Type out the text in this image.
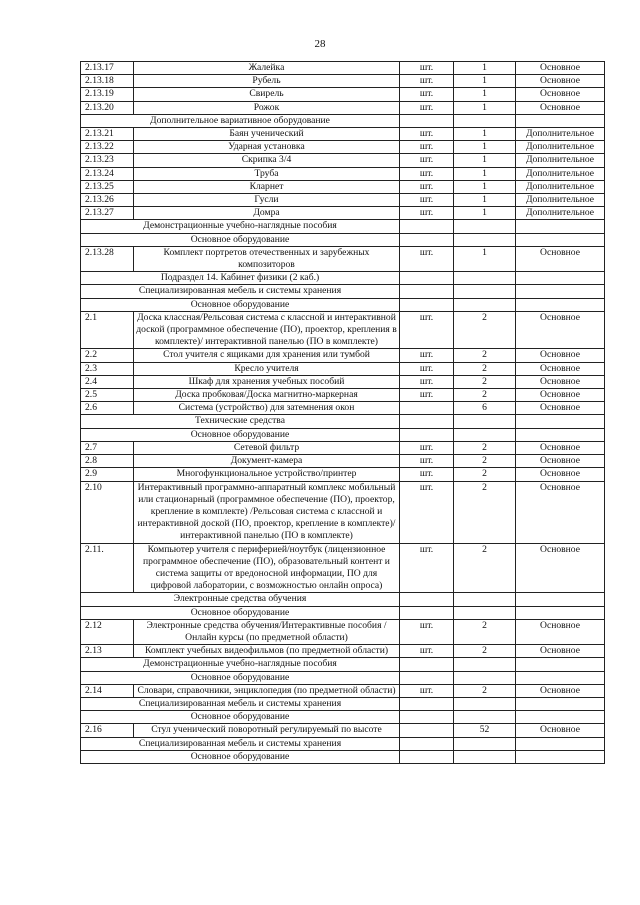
28
2.13.17	Жалейка	шт.	1	Основное
2.13.18	Рубель	шт.	1	Основное
2.13.19	Свирель	шт.	1	Основное
2.13.20	Рожок	шт.	1	Основное
Дополнительное вариативное оборудование				
2.13.21	Баян ученический	шт.	1	Дополнительное
2.13.22	Ударная установка	шт.	1	Дополнительное
2.13.23	Скрипка 3/4	шт.	1	Дополнительное
2.13.24	Труба	шт.	1	Дополнительное
2.13.25	Кларнет	шт.	1	Дополнительное
2.13.26	Гусли	шт.	1	Дополнительное
2.13.27	Домра	шт.	1	Дополнительное
Демонстрационные учебно-наглядные пособия				
Основное оборудование				
2.13.28	Комплект портретов отечественных и зарубежных композиторов	шт.	1	Основное
Подраздел 14. Кабинет физики (2 каб.)				
Специализированная мебель и системы хранения				
Основное оборудование				
2.1	Доска классная/Рельсовая система с классной и интерактивной доской (программное обеспечение (ПО), проектор, крепления в комплекте)/ интерактивной панелью (ПО в комплекте)	шт.	2	Основное
2.2	Стол учителя с ящиками для хранения или тумбой	шт.	2	Основное
2.3	Кресло учителя	шт.	2	Основное
2.4	Шкаф для хранения учебных пособий	шт.	2	Основное
2.5	Доска пробковая/Доска магнитно-маркерная	шт.	2	Основное
2.6	Система (устройство) для затемнения окон		6	Основное
Технические средства				
Основное оборудование				
2.7	Сетевой фильтр	шт.	2	Основное
2.8	Документ-камера	шт.	2	Основное
2.9	Многофункциональное устройство/принтер	шт.	2	Основное
2.10	Интерактивный программно-аппаратный комплекс мобильный или стационарный (программное обеспечение (ПО), проектор, крепление в комплекте) /Рельсовая система с классной и интерактивной доской (ПО, проектор, крепление в комплекте)/ интерактивной панелью (ПО в комплекте)	шт.	2	Основное
2.11.	Компьютер учителя с периферией/ноутбук (лицензионное программное обеспечение (ПО), образовательный контент и система защиты от вредоносной информации, ПО для цифровой лаборатории, с возможностью онлайн опроса)	шт.	2	Основное
Электронные средства обучения				
Основное оборудование				
2.12	Электронные средства обучения/Интерактивные пособия / Онлайн курсы (по предметной области)	шт.	2	Основное
2.13	Комплект учебных видеофильмов (по предметной области)	шт.	2	Основное
Демонстрационные учебно-наглядные пособия				
Основное оборудование				
2.14	Словари, справочники, энциклопедия (по предметной области)	шт.	2	Основное
Специализированная мебель и системы хранения				
Основное оборудование				
2.16	Стул ученический поворотный регулируемый по высоте		52	Основное
Специализированная мебель и системы хранения				
Основное оборудование				
